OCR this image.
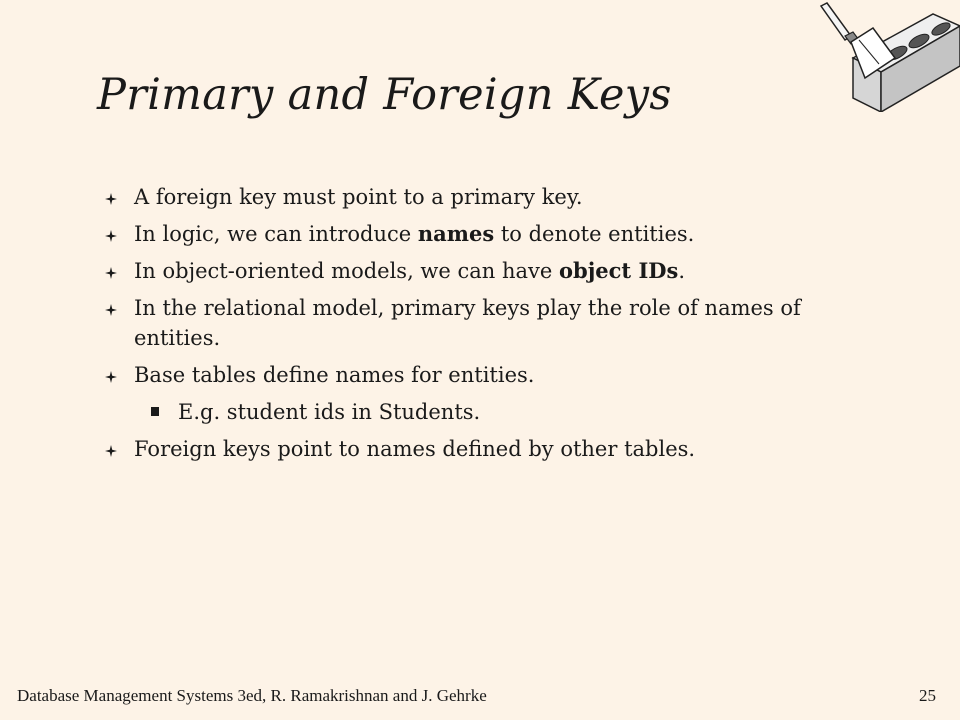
Primary and Foreign Keys
A foreign key must point to a primary key.
In logic, we can introduce names to denote entities.
In object-oriented models, we can have object IDs.
In the relational model, primary keys play the role of names of entities.
Base tables define names for entities.
E.g. student ids in Students.
Foreign keys point to names defined by other tables.
Database Management Systems 3ed, R. Ramakrishnan and J. Gehrke	25
